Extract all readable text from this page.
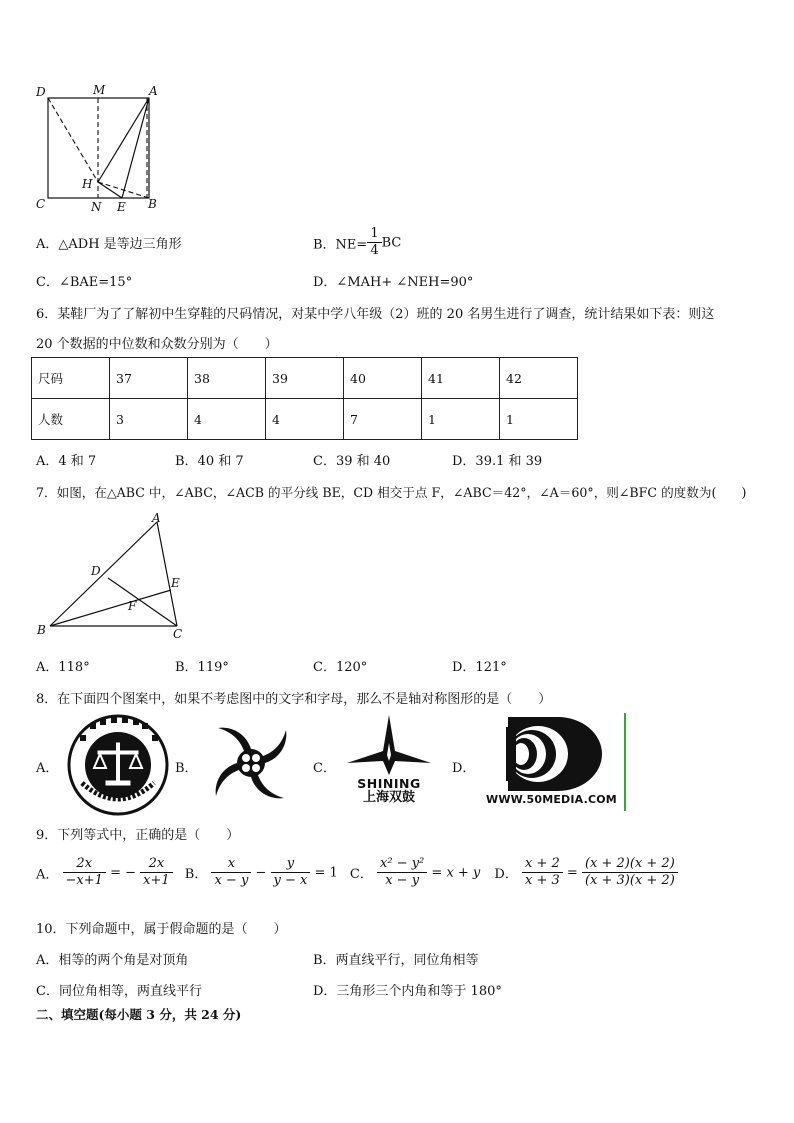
D	M	A
H
C	N E B
A．△ADH 是等边三角形	B．$NE= \frac{1}{4}$ BC
C．∠BAE=15°	D．∠MAH+ ∠NEH=90°
6．某鞋厂为了了解初中生穿鞋的尺码情况，对某中学八年级（2）班的 20 名男生进行了调查，统计结果如下表：则这
20 个数据的中位数和众数分别为（　　）
尺码	37	38	39	40	41	42
人数	3	4	4	7	1	1
A．4 和 7	B．40 和 7	C．39 和 40	D．39.1 和 39
7．如图，在△ABC 中，∠ABC，∠ACB 的平分线 BE，CD 相交于点 F，∠ABC＝42°，∠A＝60°，则∠BFC 的度数为(　　)
A
D
E
F
B	C
A．118°	B．119°	C．120°	D．121°
8．在下面四个图案中，如果不考虑图中的文字和字母，那么不是轴对称图形的是（　　）
A．	B．	C．
SHINING
上海双鼓
D．
WWW.50MEDIA.COM
9．下列等式中，正确的是（　　）
A． $\frac{2x}{-x+1}$ = − $\frac{2x}{x+1}$ B． $\frac{x}{x - y} - \frac{y}{y - x} = 1$ C． $\frac{\text{x² − y²}}{x - y} = x + y$ D． $\frac{x + 2}{x + 3} = \frac{(x + 2)(x + 2)}{(x + 3)(x + 2)}$
10．下列命题中，属于假命题的是（　　）
A．相等的两个角是对顶角	B．两直线平行，同位角相等
C．同位角相等，两直线平行	D．三角形三个内角和等于 180°
二、填空题(每小题 3 分，共 24 分)
